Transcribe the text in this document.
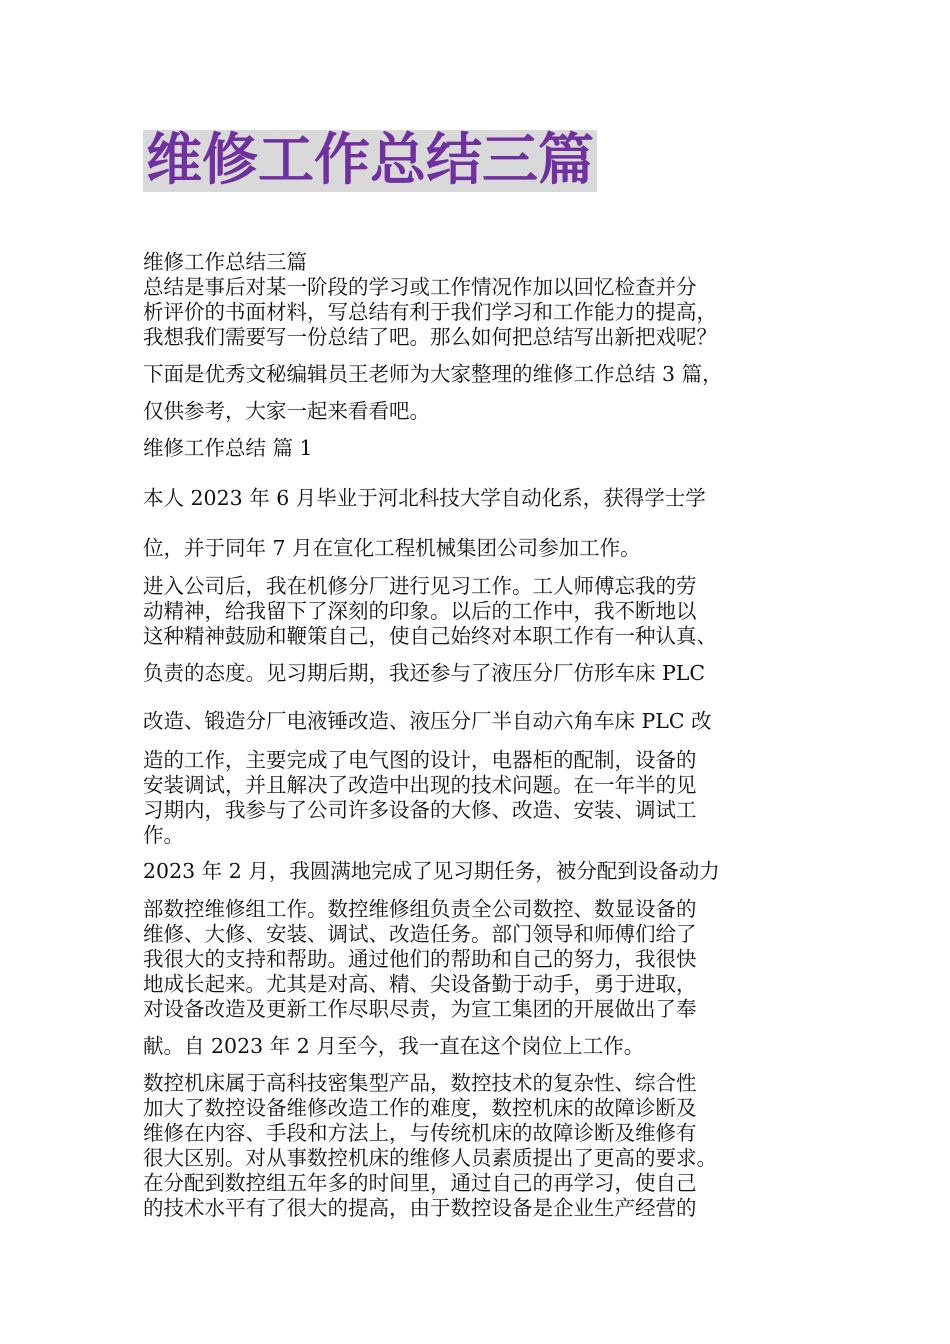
维修工作总结三篇
维修工作总结三篇
总结是事后对某一阶段的学习或工作情况作加以回忆检查并分
析评价的书面材料，写总结有利于我们学习和工作能力的提高，
我想我们需要写一份总结了吧。那么如何把总结写出新把戏呢？
下面是优秀文秘编辑员王老师为大家整理的维修工作总结 3 篇，
仅供参考，大家一起来看看吧。
维修工作总结 篇 1
本人 2023 年 6 月毕业于河北科技大学自动化系，获得学士学
位，并于同年 7 月在宣化工程机械集团公司参加工作。
进入公司后，我在机修分厂进行见习工作。工人师傅忘我的劳
动精神，给我留下了深刻的印象。以后的工作中，我不断地以
这种精神鼓励和鞭策自己，使自己始终对本职工作有一种认真、
负责的态度。见习期后期，我还参与了液压分厂仿形车床 PLC
改造、锻造分厂电液锤改造、液压分厂半自动六角车床 PLC 改
造的工作，主要完成了电气图的设计，电器柜的配制，设备的
安装调试，并且解决了改造中出现的技术问题。在一年半的见
习期内，我参与了公司许多设备的大修、改造、安装、调试工
作。
2023 年 2 月，我圆满地完成了见习期任务，被分配到设备动力
部数控维修组工作。数控维修组负责全公司数控、数显设备的
维修、大修、安装、调试、改造任务。部门领导和师傅们给了
我很大的支持和帮助。通过他们的帮助和自己的努力，我很快
地成长起来。尤其是对高、精、尖设备勤于动手，勇于进取，
对设备改造及更新工作尽职尽责，为宣工集团的开展做出了奉
献。自 2023 年 2 月至今，我一直在这个岗位上工作。
数控机床属于高科技密集型产品，数控技术的复杂性、综合性
加大了数控设备维修改造工作的难度，数控机床的故障诊断及
维修在内容、手段和方法上，与传统机床的故障诊断及维修有
很大区别。对从事数控机床的维修人员素质提出了更高的要求。
在分配到数控组五年多的时间里，通过自己的再学习，使自己
的技术水平有了很大的提高，由于数控设备是企业生产经营的
